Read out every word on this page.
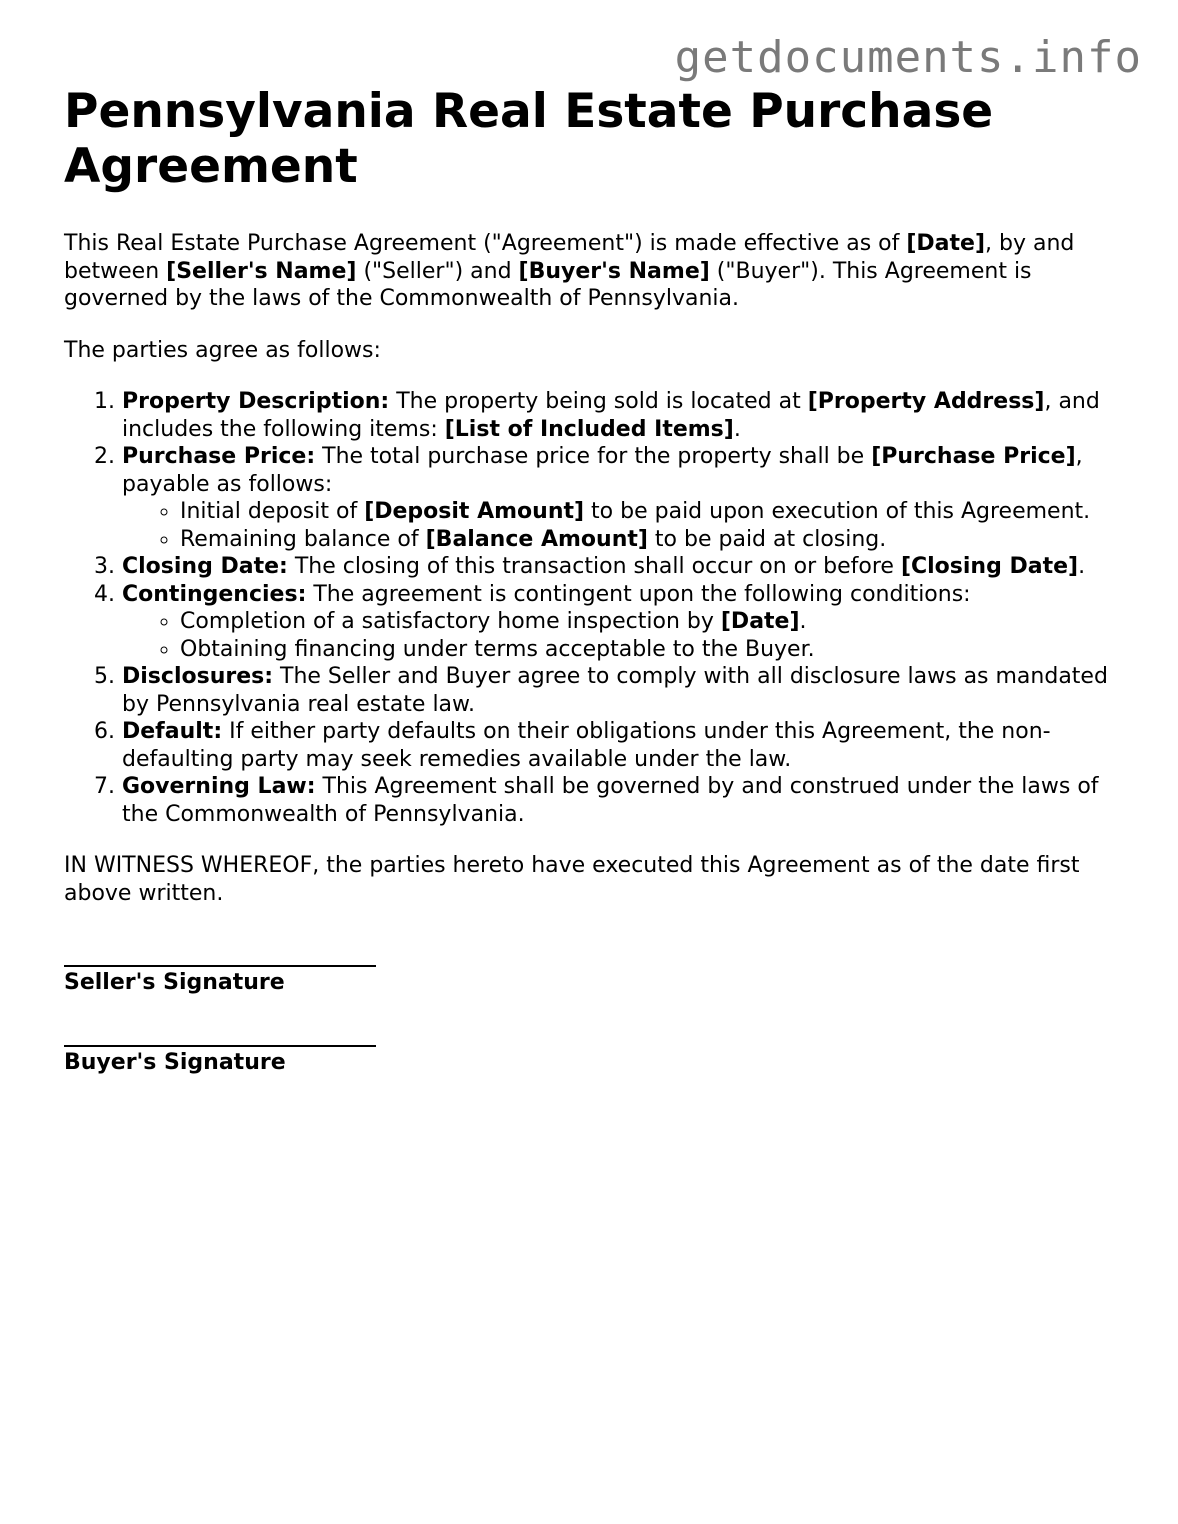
getdocuments.info
Pennsylvania Real Estate Purchase Agreement

This Real Estate Purchase Agreement ("Agreement") is made effective as of [Date], by and between [Seller's Name] ("Seller") and [Buyer's Name] ("Buyer"). This Agreement is governed by the laws of the Commonwealth of Pennsylvania.

The parties agree as follows:

1. Property Description: The property being sold is located at [Property Address], and includes the following items: [List of Included Items].
2. Purchase Price: The total purchase price for the property shall be [Purchase Price], payable as follows:
◦ Initial deposit of [Deposit Amount] to be paid upon execution of this Agreement.
◦ Remaining balance of [Balance Amount] to be paid at closing.
3. Closing Date: The closing of this transaction shall occur on or before [Closing Date].
4. Contingencies: The agreement is contingent upon the following conditions:
◦ Completion of a satisfactory home inspection by [Date].
◦ Obtaining financing under terms acceptable to the Buyer.
5. Disclosures: The Seller and Buyer agree to comply with all disclosure laws as mandated by Pennsylvania real estate law.
6. Default: If either party defaults on their obligations under this Agreement, the non-defaulting party may seek remedies available under the law.
7. Governing Law: This Agreement shall be governed by and construed under the laws of the Commonwealth of Pennsylvania.

IN WITNESS WHEREOF, the parties hereto have executed this Agreement as of the date first above written.

Seller's Signature
Buyer's Signature
